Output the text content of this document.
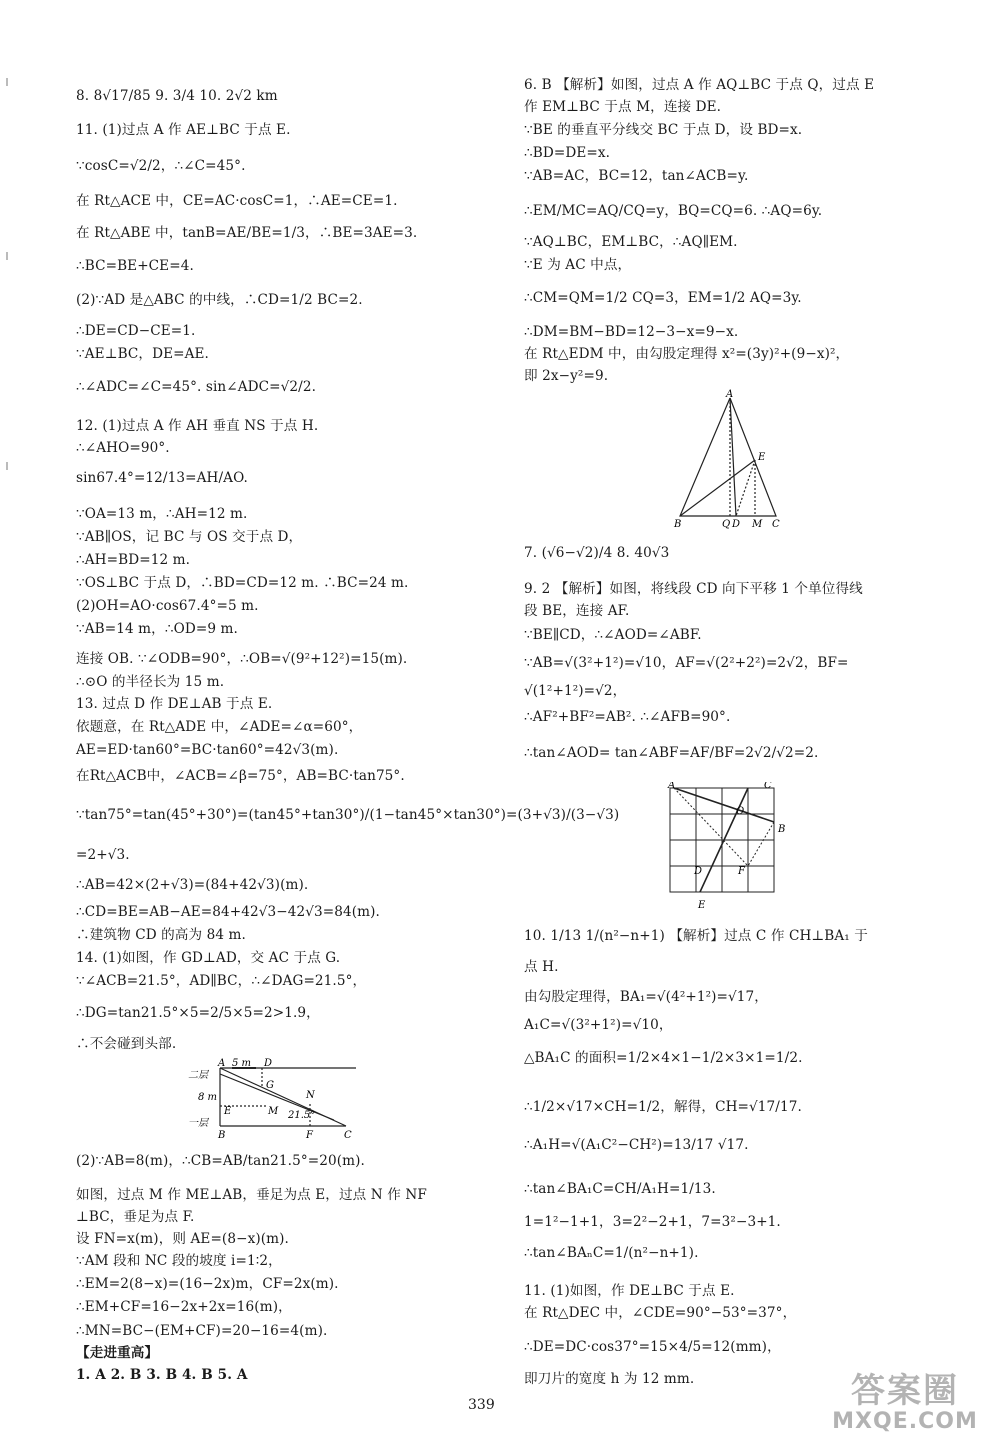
8. 8√17/85 9. 3/4 10. 2√2 km
11. (1)过点 A 作 AE⊥BC 于点 E.
∵cosC=√2/2，∴∠C=45°.
在 Rt△ACE 中，CE=AC·cosC=1，∴AE=CE=1.
在 Rt△ABE 中，tanB=AE/BE=1/3，∴BE=3AE=3.
∴BC=BE+CE=4.
(2)∵AD 是△ABC 的中线，∴CD=1/2 BC=2.
∴DE=CD−CE=1.
∵AE⊥BC，DE=AE.
∴∠ADC=∠C=45°. sin∠ADC=√2/2.
12. (1)过点 A 作 AH 垂直 NS 于点 H.
∴∠AHO=90°.
sin67.4°=12/13=AH/AO.
∵OA=13 m，∴AH=12 m.
∵AB∥OS，记 BC 与 OS 交于点 D，
∴AH=BD=12 m.
∵OS⊥BC 于点 D，∴BD=CD=12 m. ∴BC=24 m.
(2)OH=AO·cos67.4°=5 m.
∵AB=14 m，∴OD=9 m.
连接 OB. ∵∠ODB=90°，∴OB=√(9²+12²)=15(m).
∴⊙O 的半径长为 15 m.
13. 过点 D 作 DE⊥AB 于点 E.
依题意，在 Rt△ADE 中，∠ADE=∠α=60°，
AE=ED·tan60°=BC·tan60°=42√3(m).
在Rt△ACB中，∠ACB=∠β=75°，AB=BC·tan75°.
∵tan75°=tan(45°+30°)=(tan45°+tan30°)/(1−tan45°×tan30°)=(3+√3)/(3−√3)
=2+√3.
∴AB=42×(2+√3)=(84+42√3)(m).
∴CD=BE=AB−AE=84+42√3−42√3=84(m).
∴建筑物 CD 的高为 84 m.
14. (1)如图，作 GD⊥AD，交 AC 于点 G.
∵∠ACB=21.5°，AD∥BC，∴∠DAG=21.5°，
∴DG=tan21.5°×5=2/5×5=2>1.9，
∴不会碰到头部.
A 5 m D
二层
G
N
8 m
E	M 21.5°
一层
B	F	C
(2)∵AB=8(m)，∴CB=AB/tan21.5°=20(m).
如图，过点 M 作 ME⊥AB，垂足为点 E，过点 N 作 NF
⊥BC，垂足为点 F.
设 FN=x(m)，则 AE=(8−x)(m).
∵AM 段和 NC 段的坡度 i=1∶2，
∴EM=2(8−x)=(16−2x)m，CF=2x(m).
∴EM+CF=16−2x+2x=16(m)，
∴MN=BC−(EM+CF)=20−16=4(m).
【走进重高】
1. A 2. B 3. B 4. B 5. A
6. B 【解析】如图，过点 A 作 AQ⊥BC 于点 Q，过点 E
作 EM⊥BC 于点 M，连接 DE.
∵BE 的垂直平分线交 BC 于点 D，设 BD=x.
∴BD=DE=x.
∵AB=AC，BC=12，tan∠ACB=y.
∴EM/MC=AQ/CQ=y，BQ=CQ=6. ∴AQ=6y.
∵AQ⊥BC，EM⊥BC，∴AQ∥EM.
∵E 为 AC 中点，
∴CM=QM=1/2 CQ=3，EM=1/2 AQ=3y.
∴DM=BM−BD=12−3−x=9−x.
在 Rt△EDM 中，由勾股定理得 x²=(3y)²+(9−x)²，
即 2x−y²=9.
A
E
B	Q D M C
7. (√6−√2)/4 8. 40√3
9. 2 【解析】如图，将线段 CD 向下平移 1 个单位得线
段 BE，连接 AF.
∵BE∥CD，∴∠AOD=∠ABF.
∵AB=√(3²+1²)=√10，AF=√(2²+2²)=2√2，BF=
√(1²+1²)=√2，
∴AF²+BF²=AB². ∴∠AFB=90°.
∴tan∠AOD= tan∠ABF=AF/BF=2√2/√2=2.
A	C
O
B
D	F
E
10. 1/13 1/(n²−n+1) 【解析】过点 C 作 CH⊥BA₁ 于
点 H.
由勾股定理得，BA₁=√(4²+1²)=√17，
A₁C=√(3²+1²)=√10，
△BA₁C 的面积=1/2×4×1−1/2×3×1=1/2.
∴1/2×√17×CH=1/2，解得，CH=√17/17.
∴A₁H=√(A₁C²−CH²)=13/17 √17.
∴tan∠BA₁C=CH/A₁H=1/13.
1=1²−1+1，3=2²−2+1，7=3²−3+1.
∴tan∠BAₙC=1/(n²−n+1).
11. (1)如图，作 DE⊥BC 于点 E.
在 Rt△DEC 中，∠CDE=90°−53°=37°，
∴DE=DC·cos37°=15×4/5=12(mm)，
即刀片的宽度 h 为 12 mm.
339	答案圈
MXQE.COM
